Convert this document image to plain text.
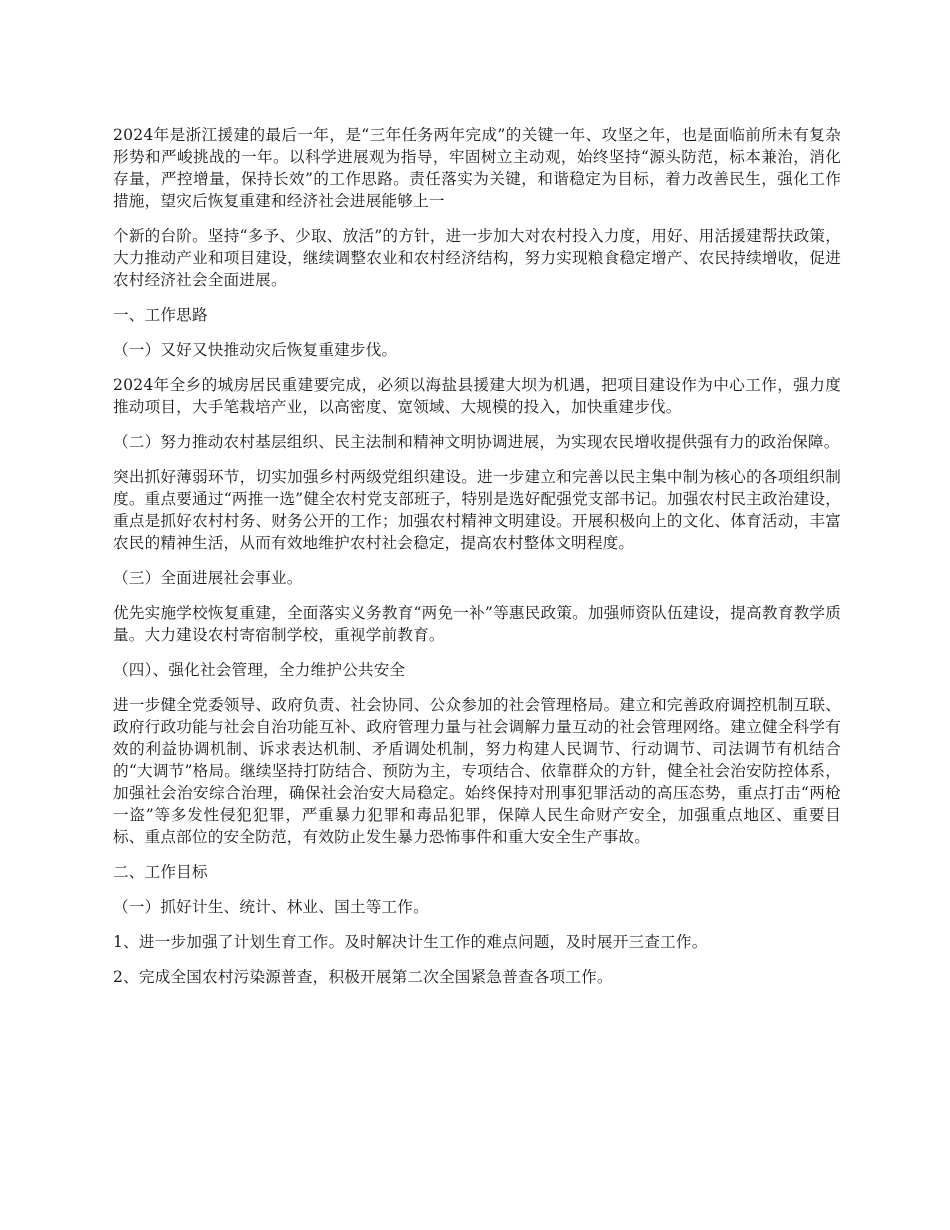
2024年是浙江援建的最后一年，是“三年任务两年完成”的关键一年、攻坚之年，也是面临前所未有复杂形势和严峻挑战的一年。以科学进展观为指导，牢固树立主动观，始终坚持“源头防范，标本兼治，消化存量，严控增量，保持长效”的工作思路。责任落实为关键，和谐稳定为目标，着力改善民生，强化工作措施，望灾后恢复重建和经济社会进展能够上一

个新的台阶。坚持“多予、少取、放活”的方针，进一步加大对农村投入力度，用好、用活援建帮扶政策，大力推动产业和项目建设，继续调整农业和农村经济结构，努力实现粮食稳定增产、农民持续增收，促进农村经济社会全面进展。

一、工作思路

（一）又好又快推动灾后恢复重建步伐。

2024年全乡的城房居民重建要完成，必须以海盐县援建大坝为机遇，把项目建设作为中心工作，强力度推动项目，大手笔栽培产业，以高密度、宽领域、大规模的投入，加快重建步伐。

（二）努力推动农村基层组织、民主法制和精神文明协调进展，为实现农民增收提供强有力的政治保障。

突出抓好薄弱环节，切实加强乡村两级党组织建设。进一步建立和完善以民主集中制为核心的各项组织制度。重点要通过“两推一选”健全农村党支部班子，特别是选好配强党支部书记。加强农村民主政治建设，重点是抓好农村村务、财务公开的工作；加强农村精神文明建设。开展积极向上的文化、体育活动，丰富农民的精神生活，从而有效地维护农村社会稳定，提高农村整体文明程度。

（三）全面进展社会事业。

优先实施学校恢复重建，全面落实义务教育“两免一补”等惠民政策。加强师资队伍建设，提高教育教学质量。大力建设农村寄宿制学校，重视学前教育。

（四）、强化社会管理，全力维护公共安全

进一步健全党委领导、政府负责、社会协同、公众参加的社会管理格局。建立和完善政府调控机制互联、政府行政功能与社会自治功能互补、政府管理力量与社会调解力量互动的社会管理网络。建立健全科学有效的利益协调机制、诉求表达机制、矛盾调处机制，努力构建人民调节、行动调节、司法调节有机结合的“大调节”格局。继续坚持打防结合、预防为主，专项结合、依靠群众的方针，健全社会治安防控体系，加强社会治安综合治理，确保社会治安大局稳定。始终保持对刑事犯罪活动的高压态势，重点打击“两枪一盗”等多发性侵犯犯罪，严重暴力犯罪和毒品犯罪，保障人民生命财产安全，加强重点地区、重要目标、重点部位的安全防范，有效防止发生暴力恐怖事件和重大安全生产事故。

二、工作目标

（一）抓好计生、统计、林业、国土等工作。

1、进一步加强了计划生育工作。及时解决计生工作的难点问题，及时展开三查工作。

2、完成全国农村污染源普查，积极开展第二次全国紧急普查各项工作。
